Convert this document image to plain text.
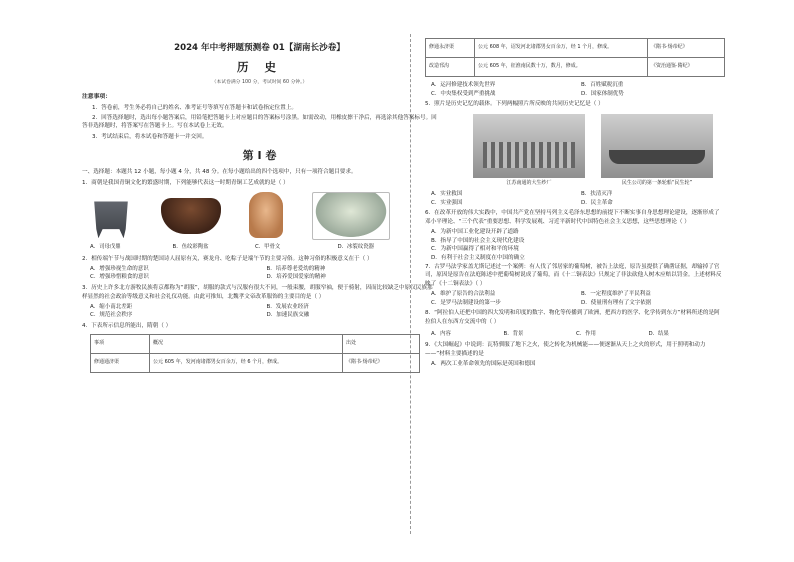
2024 年中考押题预测卷 01【湖南长沙卷】
历 史
（本试卷满分 100 分，考试时间 60 分钟。）
注意事项：
1．答卷前，考生务必将自己的姓名、准考证号等填写在答题卡和试卷指定位置上。
2．回答选择题时，选出每小题答案后，用铅笔把答题卡上对应题目的答案标号涂黑。如需改动，用橡皮擦干净后，再选涂其他答案标号。回答非选择题时，将答案写在答题卡上。写在本试卷上无效。
3．考试结束后，将本试卷和答题卡一并交回。
第 I 卷
一、选择题：本题共 12 小题，每小题 4 分，共 48 分。在每小题给出的四个选项中，只有一项符合题目要求。
1．商朝是我国青铜文化的繁盛时期，下列能够代表这一时期青铜工艺成就的是（ ）
A．司母戊鼎	B．鱼纹彩陶盆	C．甲骨文	D．冰裂纹瓷器
2．相传端午节与战国时期的楚国诗人屈原有关，赛龙舟、吃粽子是端午节的主要习俗。这种习俗的积极意义在于（ ）
A．增强珍视生命的意识	B．培养尊老爱幼的精神
C．增强珍惜粮食的意识	D．培养爱国爱家的精神
3．历史上许多北方游牧民族将京都称为“胡服”，胡服的款式与汉服有很大不同，一般束腰，胡服窄袖，便于骑射，因而比较缺乏中原汉民族那样显然的社会政治等级意义和社会礼仪功能。由此可推知，北魏孝文帝改革服饰的主要目的是（ ）
A．缩小南北差距	B．发展农业经济
C．规范社会秩序	D．加速民族交融
4．下表所示信息所能出，隋朝（ ）
事项	概况	出处
修通通济渠	公元 605 年，发河南诸郡男女百余万，经 6 个月，修成。	《隋书·炀帝纪》
修通永济渠	公元 608 年，诏发河北诸郡男女百余万，经 1 个月，修成。	《隋书·炀帝纪》
改造邗沟	公元 605 年，征淮南民数十万，数月，修成。	《资治通鉴·隋纪》
A．运河修建技术领先世界	B．百姓赋税沉重
C．中央集权受到严重挑战	D．国家体制优势
5．照片是历史记忆的载体。下列两幅照片所反映的共同历史记忆是（ ）
江苏南通的大生纱厂	民生公司的第一条轮船“民生轮”
A．实业救国	B．扶清灭洋
C．实业强国	D．民主革命
6．在改革开放的伟大实践中，中国共产党在坚持马列主义毛泽东思想的前提下不断实事自身思想理论建设，逐渐形成了邓小平理论、“三个代表”重要思想、科学发展观、习近平新时代中国特色社会主义思想，这些思想理论（ ）
A．为新中国工业化建设开辟了道路
B．指导了中国的社会主义现代化建设
C．为新中国赢得了相对和平的环境
D．有利于社会主义制度在中国的确立
7．古罗马法学家盖尤斯记述过一个案例：有人伐了邻居家的葡萄树，被告上法庭，原告虽提供了确凿证据，却输掉了官司，原因是原告在法庭陈述中把葡萄树说成了葡萄，而《十二铜表法》只规定了非法砍他人树木应赔以罚金。上述材料反映了《十二铜表法》（ ）
A．维护了原告的合法利益	B．一定程度维护了平民利益
C．是罗马法制建设的第一步	D．使量刑有理有了文字依据
8．“阿拉伯人还把中国的四大发明和印度的数字、物化等传播到了欧洲，把西方的医学、化学传到东方”材料所述的是阿拉伯人在东西方交流中的（ ）
A．内容	B．背景	C．作用	D．结果
9．《大国崛起》中说到：瓦特驯服了地下之火，使之转化为机械能——便逐渐从天上之火的形式，用于照明和动力——”材料主要描述的是
A．两次工业革命领先的国际是英国和德国
